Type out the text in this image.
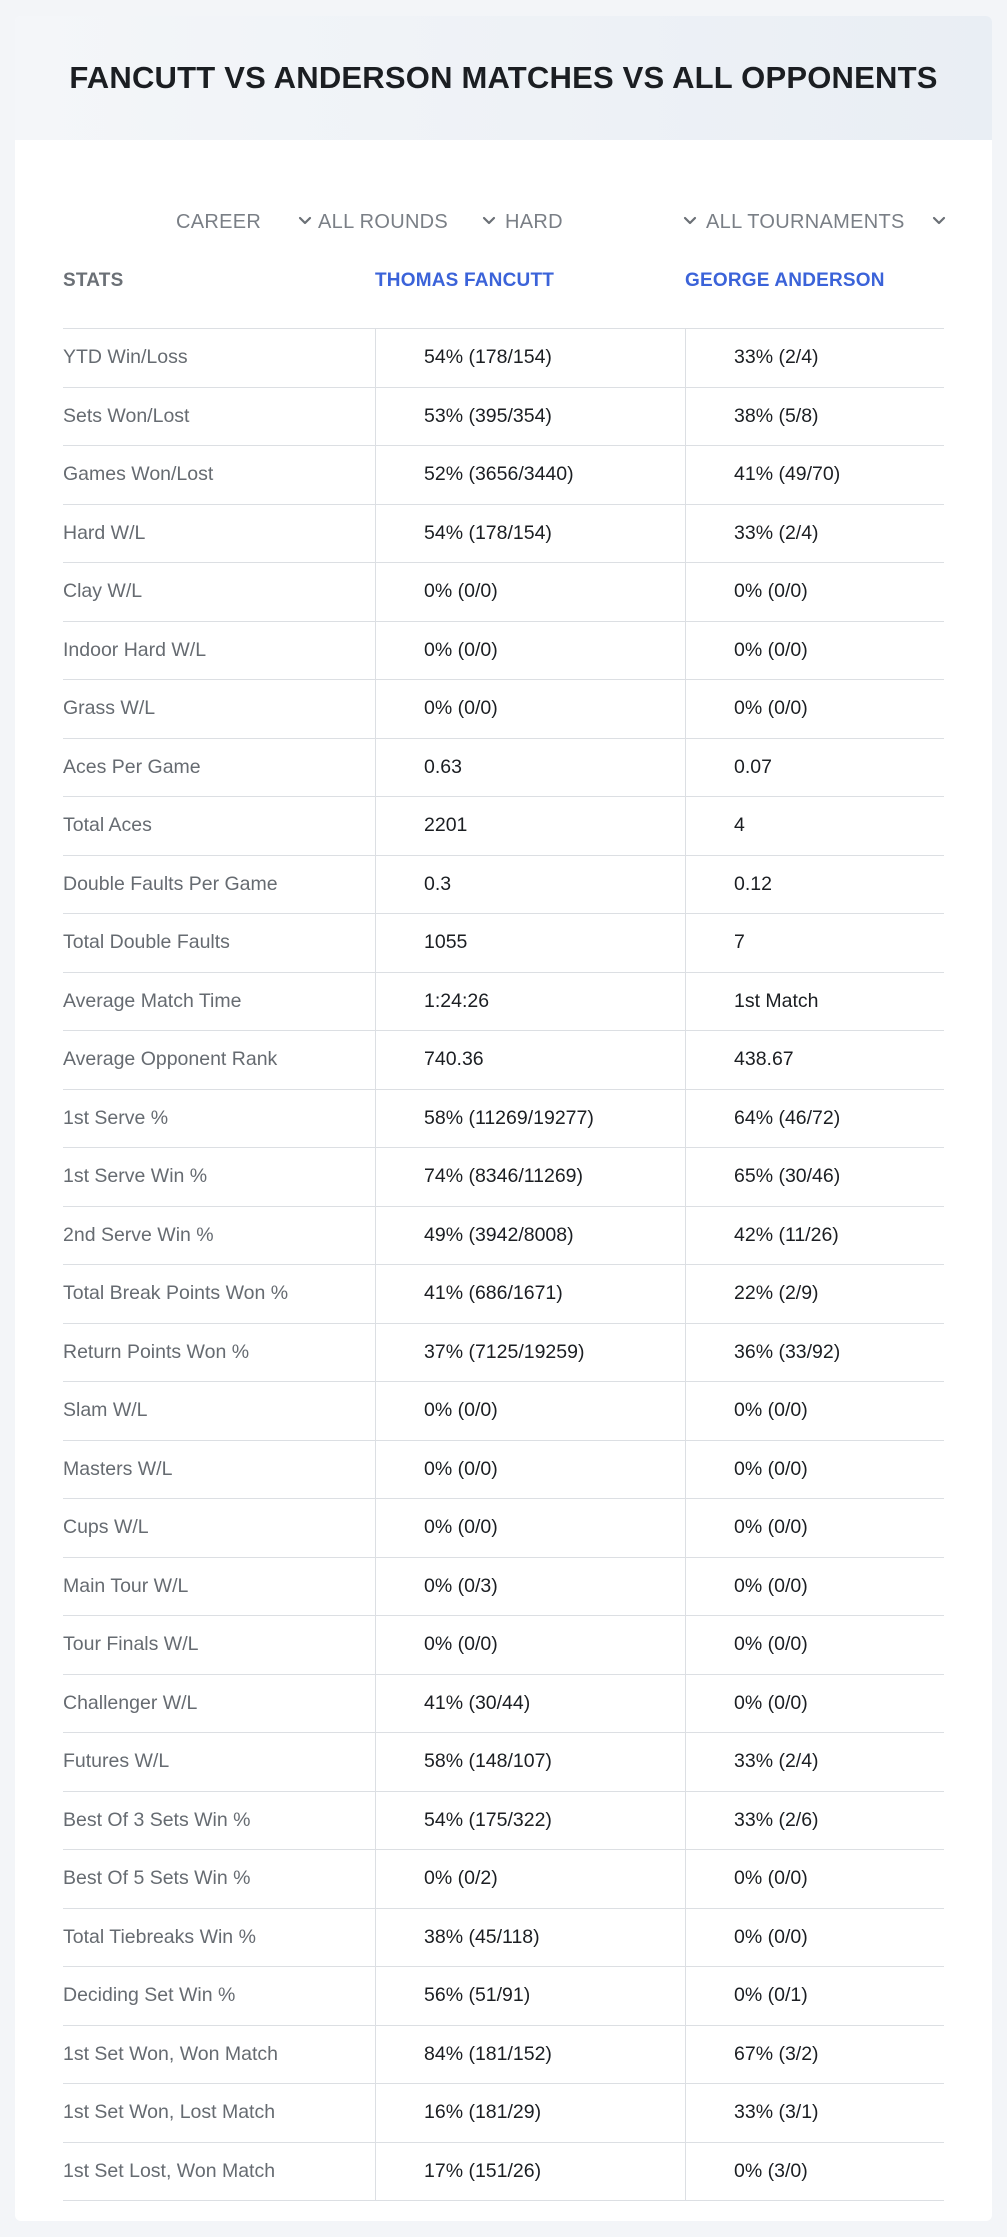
FANCUTT VS ANDERSON MATCHES VS ALL OPPONENTS
CAREER	ALL ROUNDS	HARD	ALL TOURNAMENTS
STATS	THOMAS FANCUTT	GEORGE ANDERSON
YTD Win/Loss	54% (178/154)	33% (2/4)
Sets Won/Lost	53% (395/354)	38% (5/8)
Games Won/Lost	52% (3656/3440)	41% (49/70)
Hard W/L	54% (178/154)	33% (2/4)
Clay W/L	0% (0/0)	0% (0/0)
Indoor Hard W/L	0% (0/0)	0% (0/0)
Grass W/L	0% (0/0)	0% (0/0)
Aces Per Game	0.63	0.07
Total Aces	2201	4
Double Faults Per Game	0.3	0.12
Total Double Faults	1055	7
Average Match Time	1:24:26	1st Match
Average Opponent Rank	740.36	438.67
1st Serve %	58% (11269/19277)	64% (46/72)
1st Serve Win %	74% (8346/11269)	65% (30/46)
2nd Serve Win %	49% (3942/8008)	42% (11/26)
Total Break Points Won %	41% (686/1671)	22% (2/9)
Return Points Won %	37% (7125/19259)	36% (33/92)
Slam W/L	0% (0/0)	0% (0/0)
Masters W/L	0% (0/0)	0% (0/0)
Cups W/L	0% (0/0)	0% (0/0)
Main Tour W/L	0% (0/3)	0% (0/0)
Tour Finals W/L	0% (0/0)	0% (0/0)
Challenger W/L	41% (30/44)	0% (0/0)
Futures W/L	58% (148/107)	33% (2/4)
Best Of 3 Sets Win %	54% (175/322)	33% (2/6)
Best Of 5 Sets Win %	0% (0/2)	0% (0/0)
Total Tiebreaks Win %	38% (45/118)	0% (0/0)
Deciding Set Win %	56% (51/91)	0% (0/1)
1st Set Won, Won Match	84% (181/152)	67% (3/2)
1st Set Won, Lost Match	16% (181/29)	33% (3/1)
1st Set Lost, Won Match	17% (151/26)	0% (3/0)
